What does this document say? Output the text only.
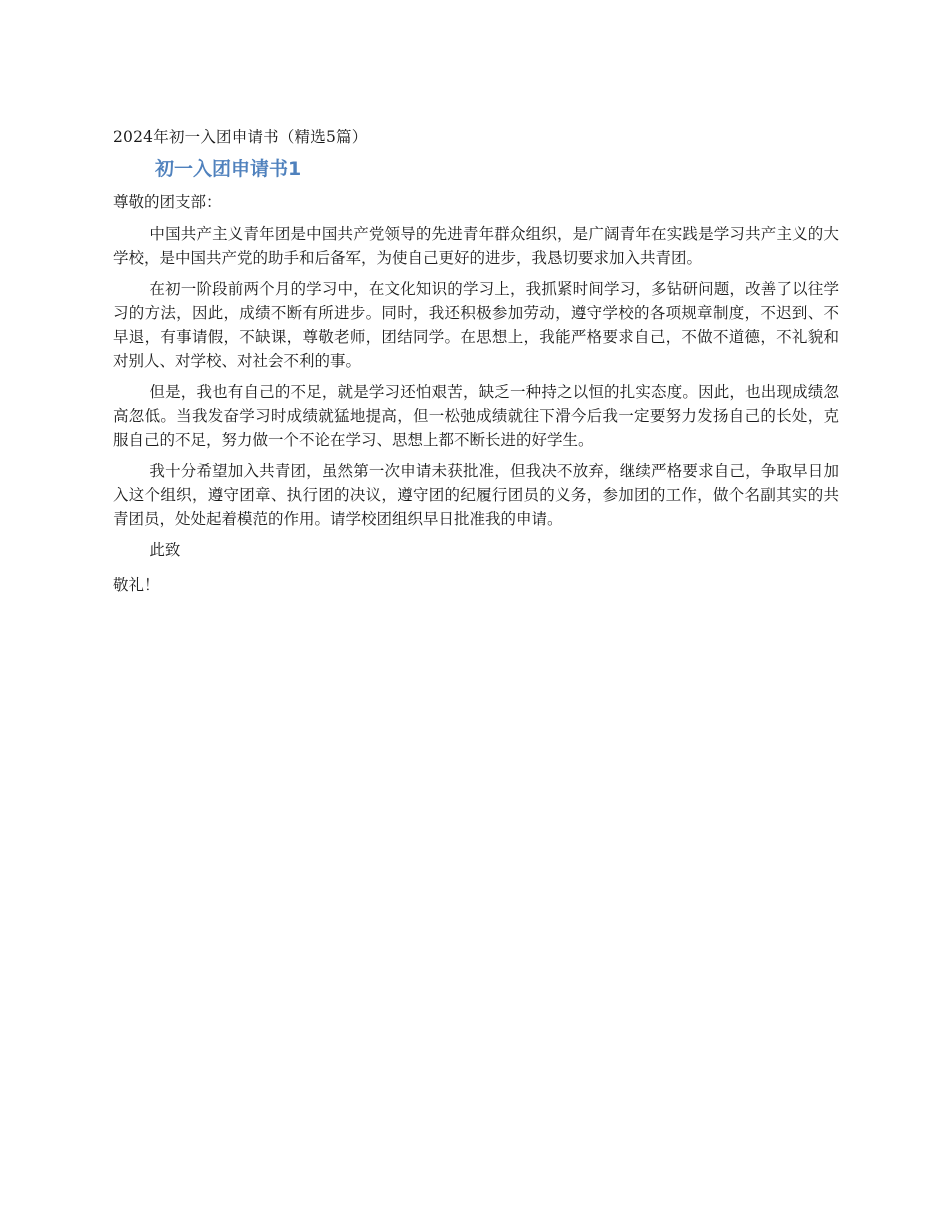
2024年初一入团申请书（精选5篇）
初一入团申请书1
尊敬的团支部：

中国共产主义青年团是中国共产党领导的先进青年群众组织，是广阔青年在实践是学习共产主义的大学校，是中国共产党的助手和后备军，为使自己更好的进步，我恳切要求加入共青团。

在初一阶段前两个月的学习中，在文化知识的学习上，我抓紧时间学习，多钻研问题，改善了以往学习的方法，因此，成绩不断有所进步。同时，我还积极参加劳动，遵守学校的各项规章制度，不迟到、不早退，有事请假，不缺课，尊敬老师，团结同学。在思想上，我能严格要求自己，不做不道德，不礼貌和对别人、对学校、对社会不利的事。

但是，我也有自己的不足，就是学习还怕艰苦，缺乏一种持之以恒的扎实态度。因此，也出现成绩忽高忽低。当我发奋学习时成绩就猛地提高，但一松弛成绩就往下滑今后我一定要努力发扬自己的长处，克服自己的不足，努力做一个不论在学习、思想上都不断长进的好学生。

我十分希望加入共青团，虽然第一次申请未获批准，但我决不放弃，继续严格要求自己，争取早日加入这个组织，遵守团章、执行团的决议，遵守团的纪履行团员的义务，参加团的工作，做个名副其实的共青团员，处处起着模范的作用。请学校团组织早日批准我的申请。

此致

敬礼！
